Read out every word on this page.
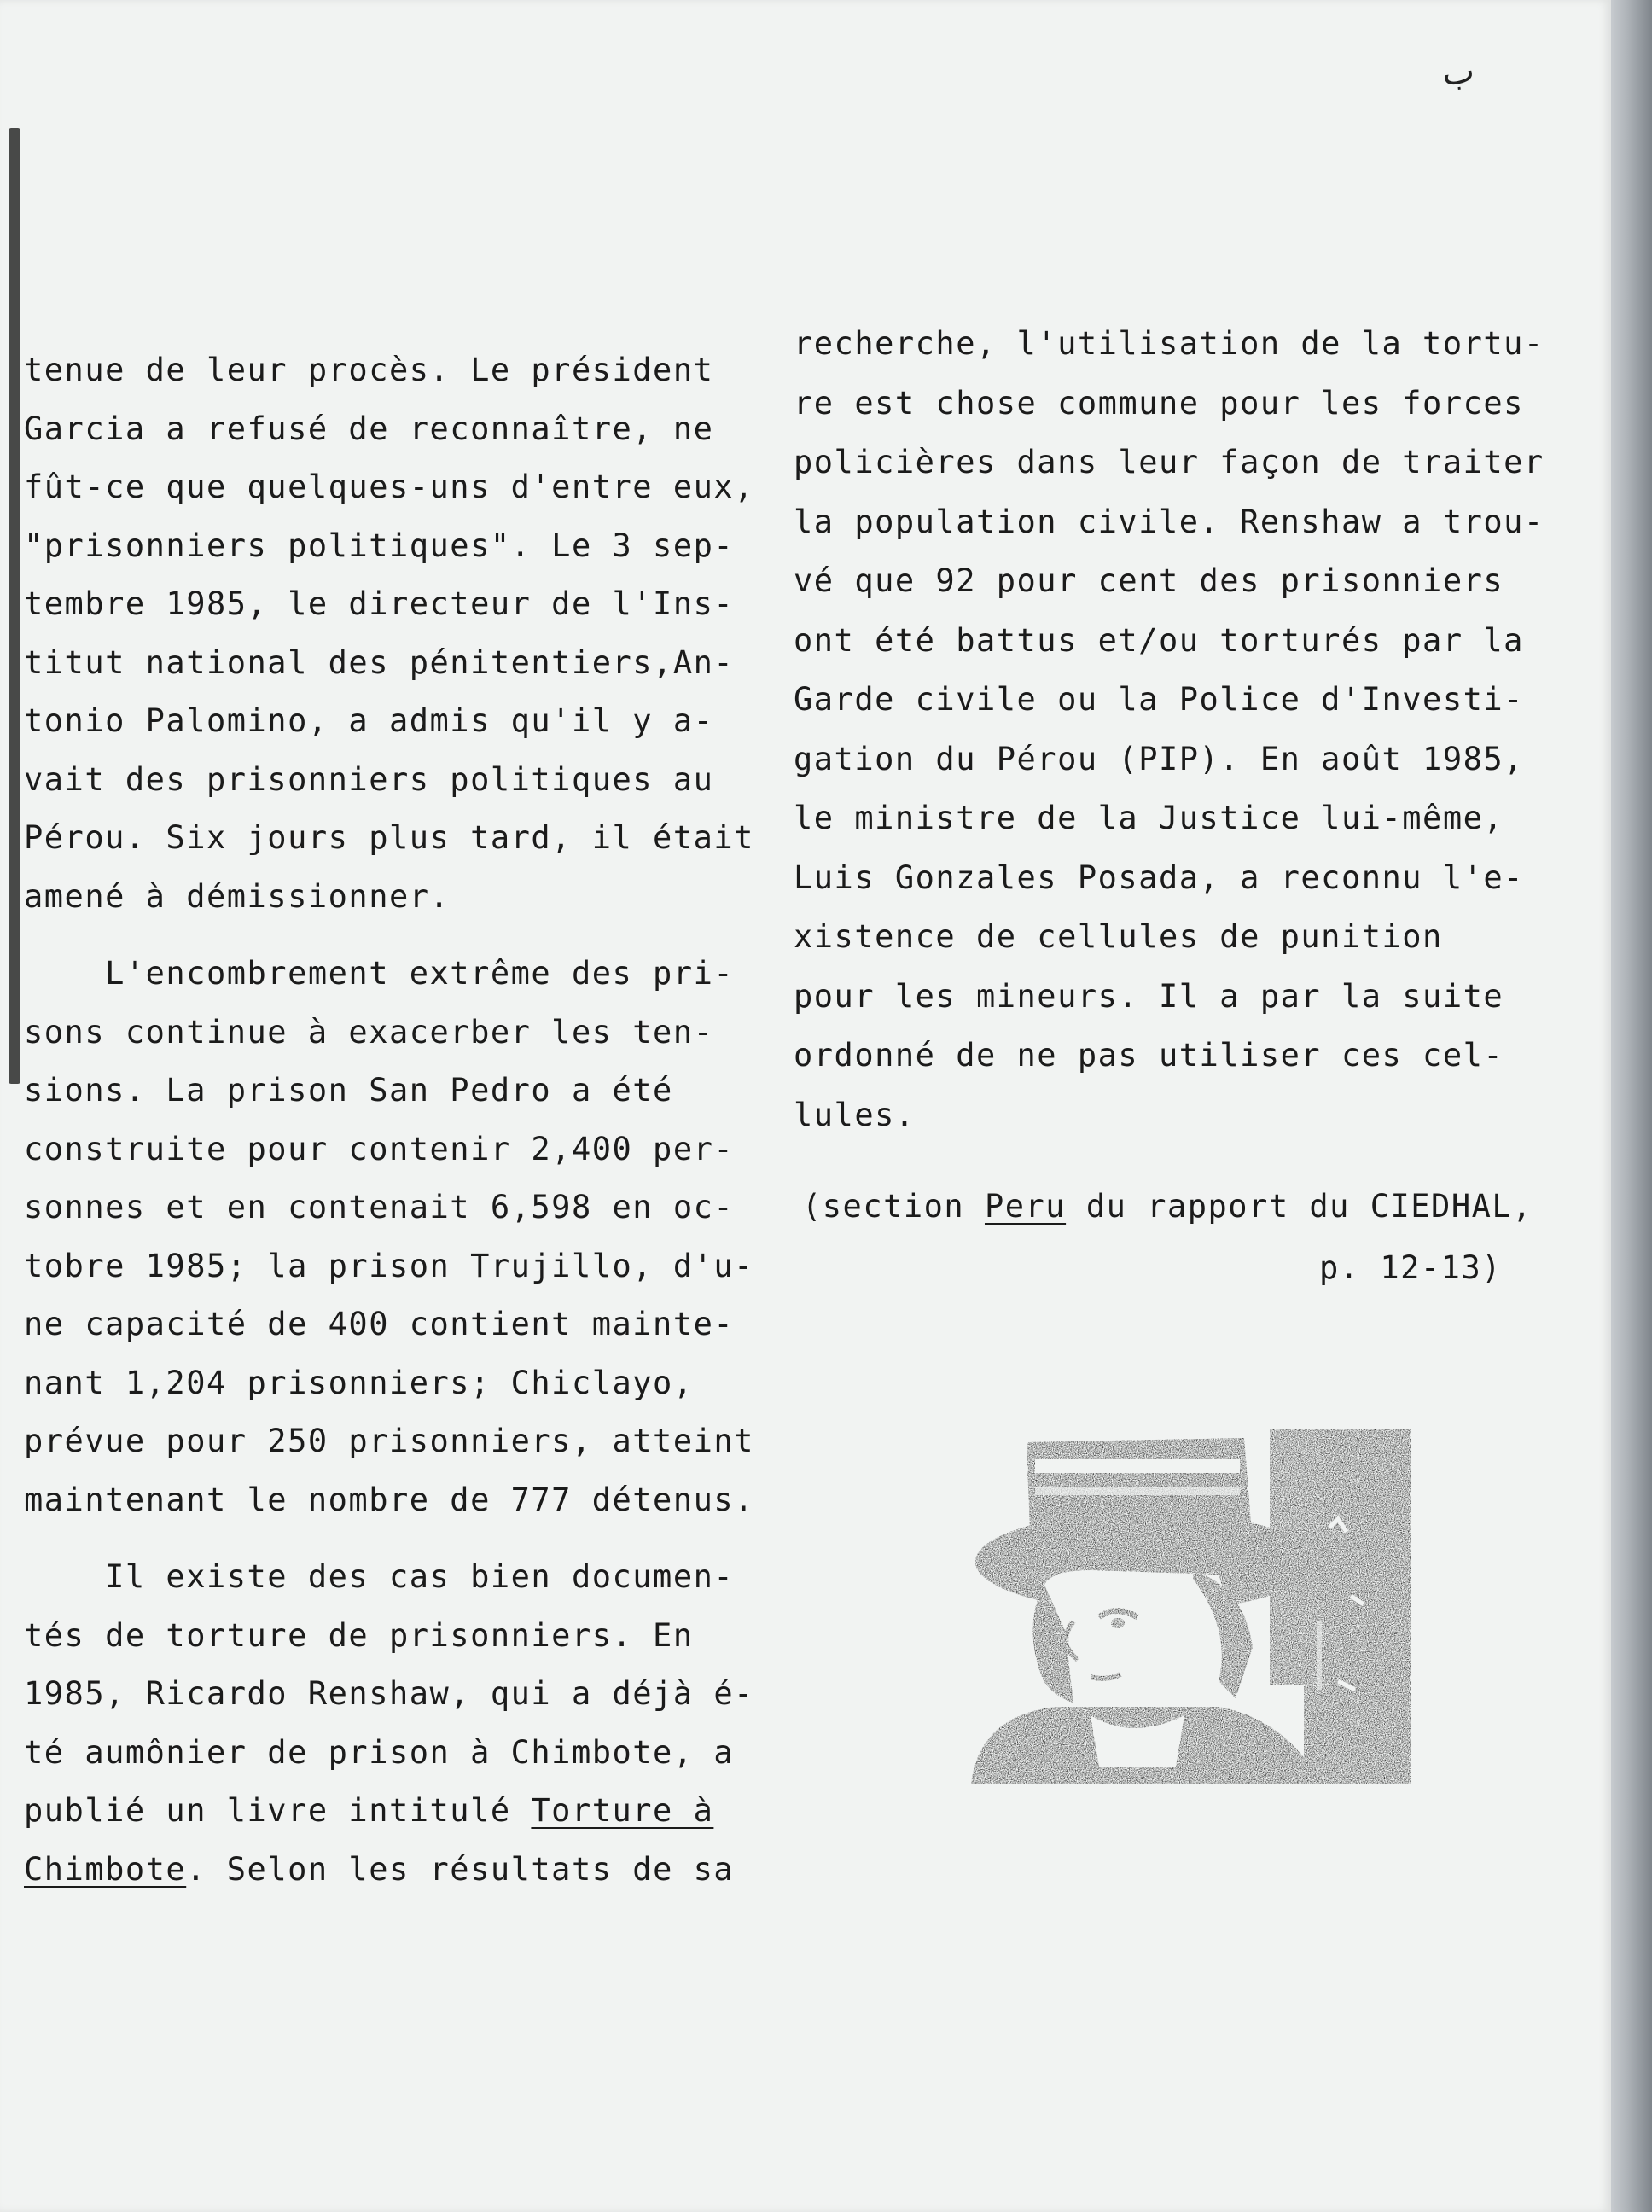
ب
tenue de leur procès. Le président
Garcia a refusé de reconnaître, ne
fût-ce que quelques-uns d'entre eux,
"prisonniers politiques". Le 3 sep-
tembre 1985, le directeur de l'Ins-
titut national des pénitentiers,An-
tonio Palomino, a admis qu'il y a-
vait des prisonniers politiques au
Pérou. Six jours plus tard, il était
amené à démissionner.
L'encombrement extrême des pri-
sons continue à exacerber les ten-
sions. La prison San Pedro a été
construite pour contenir 2,400 per-
sonnes et en contenait 6,598 en oc-
tobre 1985; la prison Trujillo, d'u-
ne capacité de 400 contient mainte-
nant 1,204 prisonniers; Chiclayo,
prévue pour 250 prisonniers, atteint
maintenant le nombre de 777 détenus.
Il existe des cas bien documen-
tés de torture de prisonniers. En
1985, Ricardo Renshaw, qui a déjà é-
té aumônier de prison à Chimbote, a
publié un livre intitulé Torture à
Chimbote. Selon les résultats de sa
recherche, l'utilisation de la tortu-
re est chose commune pour les forces
policières dans leur façon de traiter
la population civile. Renshaw a trou-
vé que 92 pour cent des prisonniers
ont été battus et/ou torturés par la
Garde civile ou la Police d'Investi-
gation du Pérou (PIP). En août 1985,
le ministre de la Justice lui-même,
Luis Gonzales Posada, a reconnu l'e-
xistence de cellules de punition
pour les mineurs. Il a par la suite
ordonné de ne pas utiliser ces cel-
lules.
(section Peru du rapport du CIEDHAL,
p. 12-13)
